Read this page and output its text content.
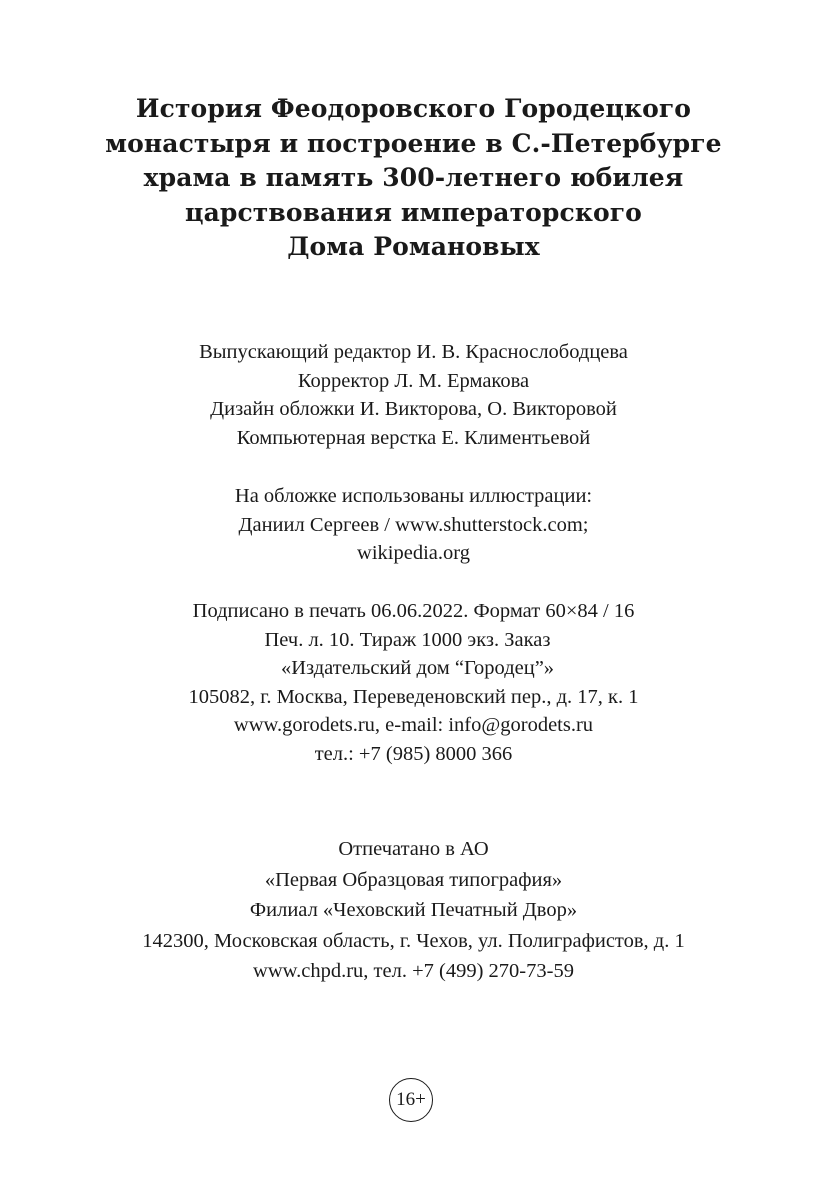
История Феодоровского Городецкого
монастыря и построение в С.-Петербурге
храма в память 300-летнего юбилея
царствования императорского
Дома Романовых
Выпускающий редактор И. В. Краснослободцева
Корректор Л. М. Ермакова
Дизайн обложки И. Викторова, О. Викторовой
Компьютерная верстка Е. Климентьевой
На обложке использованы иллюстрации:
Даниил Сергеев / www.shutterstock.com;
wikipedia.org
Подписано в печать 06.06.2022. Формат 60×84 / 16
Печ. л. 10. Тираж 1000 экз. Заказ
«Издательский дом “Городец”»
105082, г. Москва, Переведеновский пер., д. 17, к. 1
www.gorodets.ru, e-mail: info@gorodets.ru
тел.: +7 (985) 8000 366
Отпечатано в АО
«Первая Образцовая типография»
Филиал «Чеховский Печатный Двор»
142300, Московская область, г. Чехов, ул. Полиграфистов, д. 1
www.chpd.ru, тел. +7 (499) 270-73-59
16+
